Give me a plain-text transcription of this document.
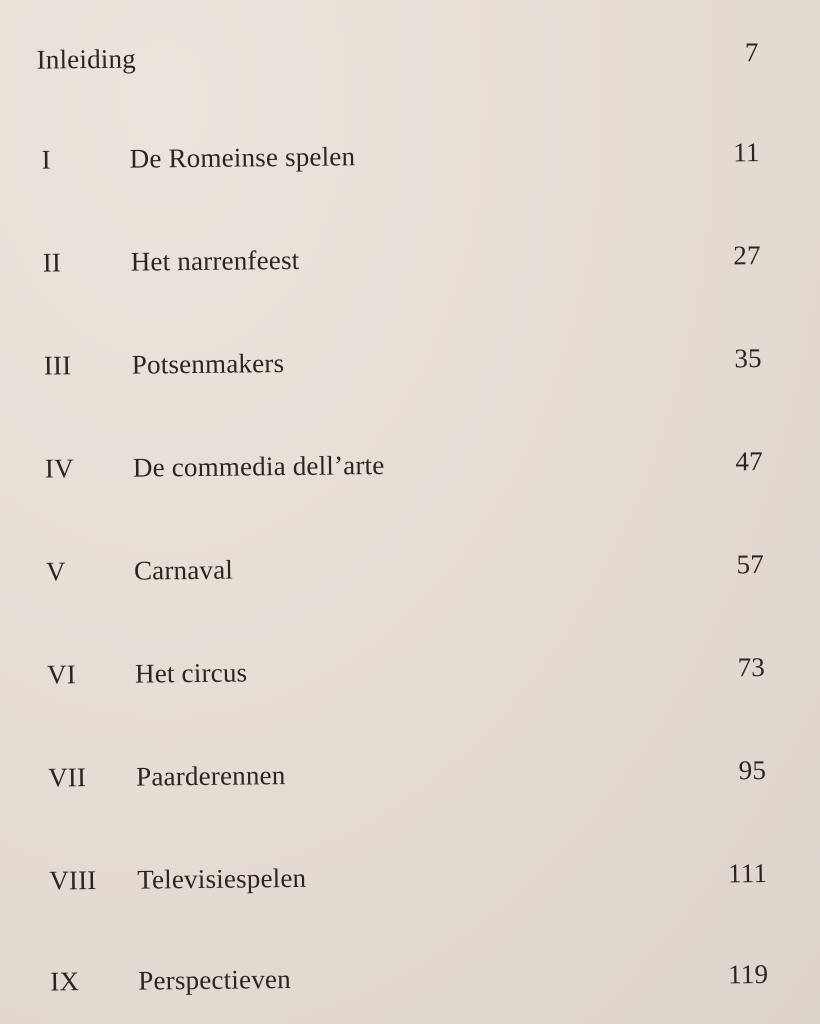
Inleiding	7
I	De Romeinse spelen	11
II	Het narrenfeest	27
III Potsenmakers	35
IV De commedia dell’arte	47
V	Carnaval	57
VI Het circus	73
VII Paarderennen	95
VIII Televisiespelen	111
IX Perspectieven	119
